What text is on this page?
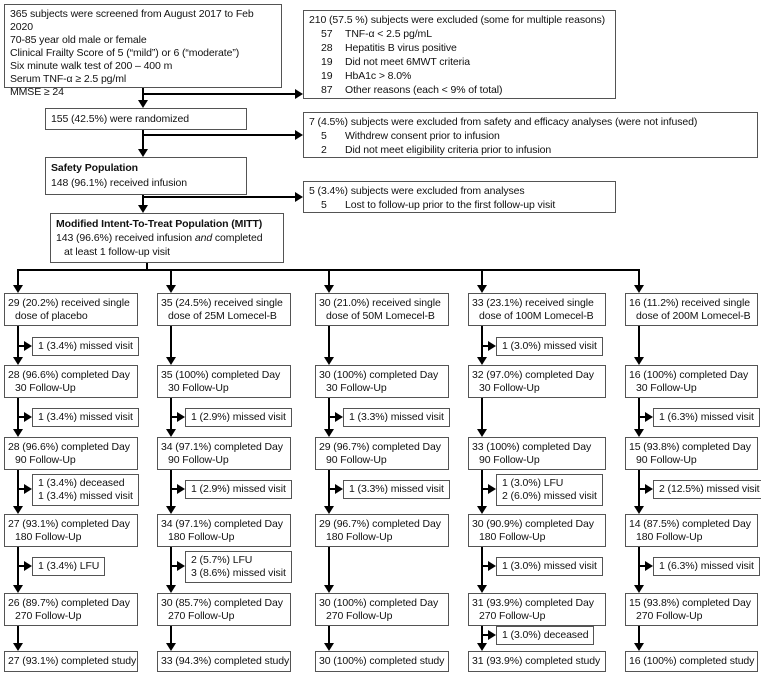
365 subjects were screened from August 2017 to Feb 2020
70-85 year old male or female
Clinical Frailty Score of 5 (“mild”) or 6 (“moderate”)
Six minute walk test of 200 – 400 m
Serum TNF-α ≥ 2.5 pg/ml
MMSE ≥ 24
210 (57.5 %) subjects were excluded (some for multiple reasons)
57	TNF-α < 2.5 pg/mL
28	Hepatitis B virus positive
19	Did not meet 6MWT criteria
19	HbA1c > 8.0%
87	Other reasons (each < 9% of total)
155 (42.5%) were randomized	7 (4.5%) subjects were excluded from safety and efficacy analyses (were not infused)
5	Withdrew consent prior to infusion
2	Did not meet eligibility criteria prior to infusion
Safety Population
148 (96.1%) received infusion
5 (3.4%) subjects were excluded from analyses
5	Lost to follow-up prior to the first follow-up visit
Modified Intent-To-Treat Population (MITT)
143 (96.6%) received infusion and completed
at least 1 follow-up visit
29 (20.2%) received single
dose of placebo
1 (3.4%) missed visit
28 (96.6%) completed Day
30 Follow-Up
1 (3.4%) missed visit
28 (96.6%) completed Day
90 Follow-Up
1 (3.4%) deceased
1 (3.4%) missed visit
27 (93.1%) completed Day
180 Follow-Up
1 (3.4%) LFU
26 (89.7%) completed Day
270 Follow-Up
27 (93.1%) completed study
35 (24.5%) received single
dose of 25M Lomecel-B
35 (100%) completed Day
30 Follow-Up
1 (2.9%) missed visit
34 (97.1%) completed Day
90 Follow-Up
1 (2.9%) missed visit
34 (97.1%) completed Day
180 Follow-Up
2 (5.7%) LFU
3 (8.6%) missed visit
30 (85.7%) completed Day
270 Follow-Up
33 (94.3%) completed study
30 (21.0%) received single
dose of 50M Lomecel-B
30 (100%) completed Day
30 Follow-Up
1 (3.3%) missed visit
29 (96.7%) completed Day
90 Follow-Up
1 (3.3%) missed visit
29 (96.7%) completed Day
180 Follow-Up
30 (100%) completed Day
270 Follow-Up
30 (100%) completed study
33 (23.1%) received single
dose of 100M Lomecel-B
1 (3.0%) missed visit
32 (97.0%) completed Day
30 Follow-Up
33 (100%) completed Day
90 Follow-Up
1 (3.0%) LFU
2 (6.0%) missed visit
30 (90.9%) completed Day
180 Follow-Up
1 (3.0%) missed visit
31 (93.9%) completed Day
270 Follow-Up
1 (3.0%) deceased
31 (93.9%) completed study
16 (11.2%) received single
dose of 200M Lomecel-B
16 (100%) completed Day
30 Follow-Up
1 (6.3%) missed visit
15 (93.8%) completed Day
90 Follow-Up
2 (12.5%) missed visit
14 (87.5%) completed Day
180 Follow-Up
1 (6.3%) missed visit
15 (93.8%) completed Day
270 Follow-Up
16 (100%) completed study
